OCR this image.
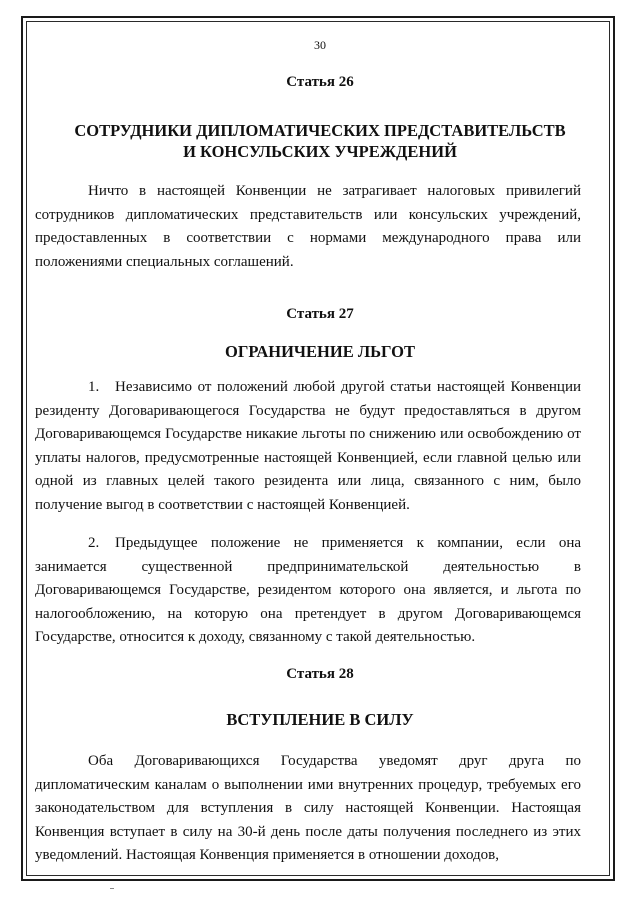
30
Статья 26
СОТРУДНИКИ ДИПЛОМАТИЧЕСКИХ ПРЕДСТАВИТЕЛЬСТВ
И КОНСУЛЬСКИХ УЧРЕЖДЕНИЙ

Ничто в настоящей Конвенции не затрагивает налоговых привилегий сотрудников дипломатических представительств или консульских учреждений, предоставленных в соответствии с нормами международного права или положениями специальных соглашений.

Статья 27
ОГРАНИЧЕНИЕ ЛЬГОТ

1. Независимо от положений любой другой статьи настоящей Конвенции резиденту Договаривающегося Государства не будут предоставляться в другом Договаривающемся Государстве никакие льготы по снижению или освобождению от уплаты налогов, предусмотренные настоящей Конвенцией, если главной целью или одной из главных целей такого резидента или лица, связанного с ним, было получение выгод в соответствии с настоящей Конвенцией.

2. Предыдущее положение не применяется к компании, если она занимается существенной предпринимательской деятельностью в Договаривающемся Государстве, резидентом которого она является, и льгота по налогообложению, на которую она претендует в другом Договаривающемся Государстве, относится к доходу, связанному с такой деятельностью.

Статья 28
ВСТУПЛЕНИЕ В СИЛУ

Оба Договаривающихся Государства уведомят друг друга по дипломатическим каналам о выполнении ими внутренних процедур, требуемых его законодательством для вступления в силу настоящей Конвенции. Настоящая Конвенция вступает в силу на 30-й день после даты получения последнего из этих уведомлений. Настоящая Конвенция применяется в отношении доходов,
